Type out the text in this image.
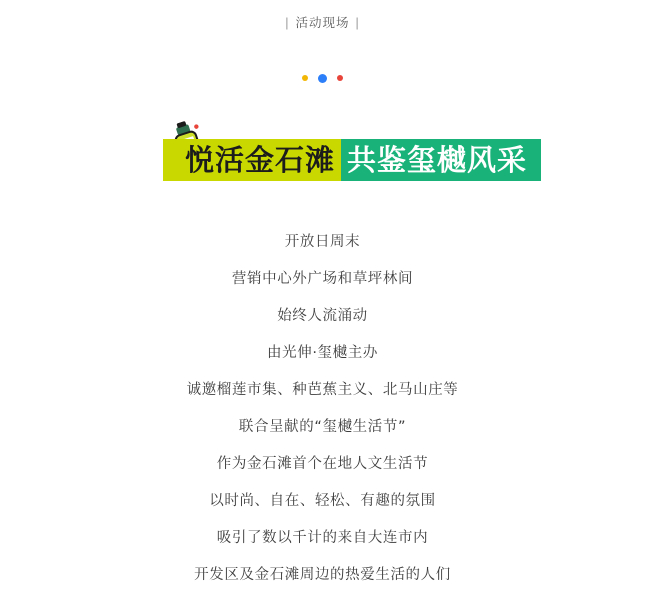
| 活动现场 |
悦活金石滩 共鉴玺樾风采
开放日周末
营销中心外广场和草坪林间
始终人流涌动
由光伸·玺樾主办
诚邀榴莲市集、种芭蕉主义、北马山庄等
联合呈献的“玺樾生活节”
作为金石滩首个在地人文生活节
以时尚、自在、轻松、有趣的氛围
吸引了数以千计的来自大连市内
开发区及金石滩周边的热爱生活的人们
